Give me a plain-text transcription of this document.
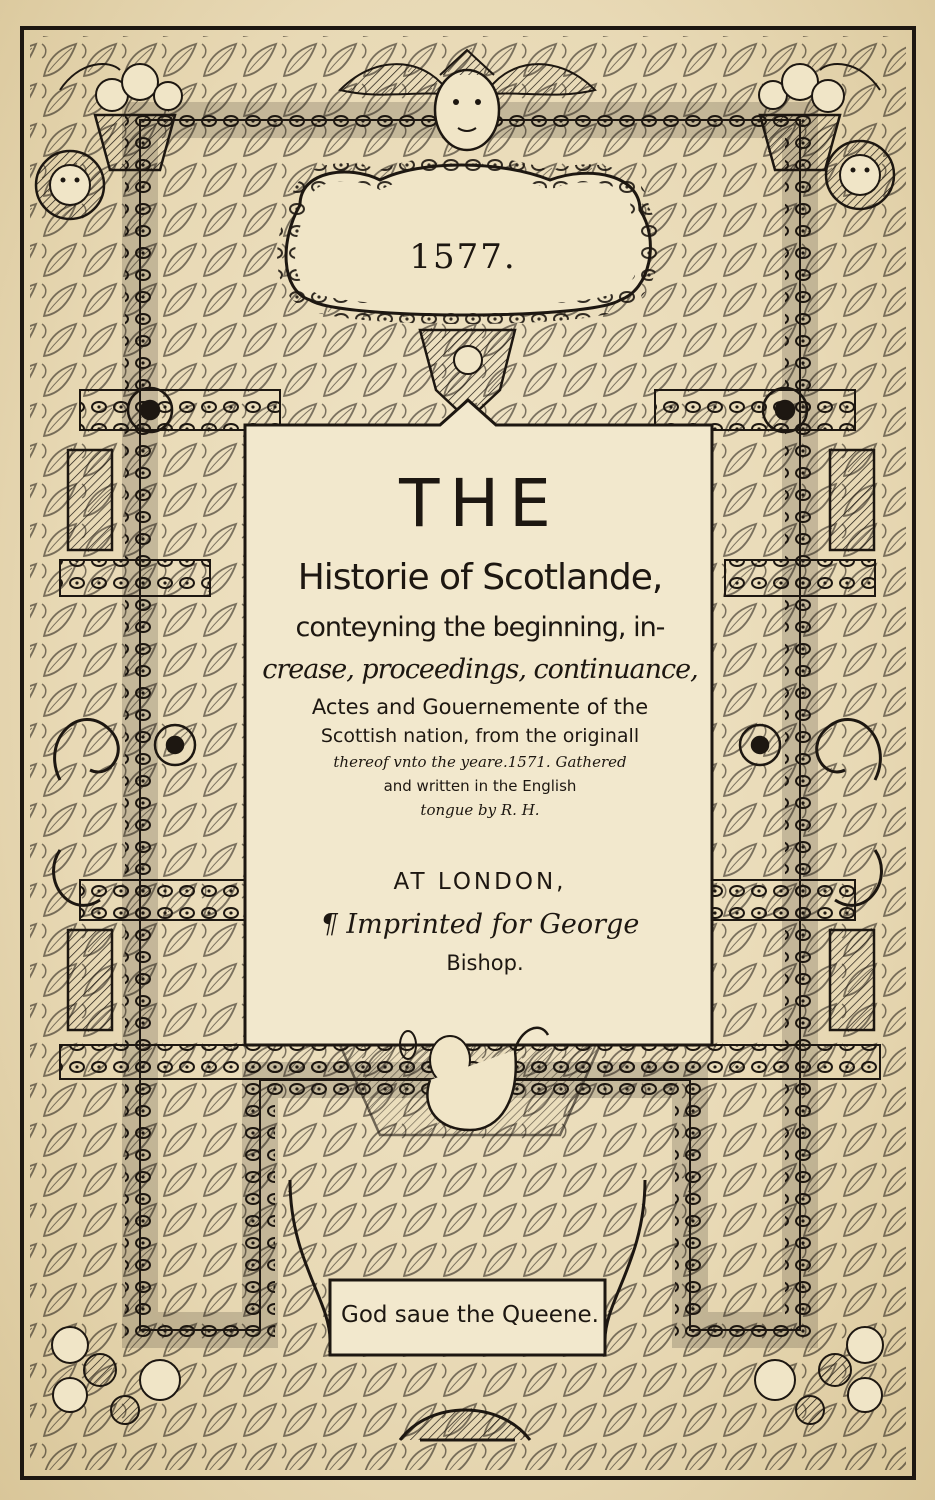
1577.
THE
Historie of Scotlande,
conteyning the beginning, in-
crease, proceedings, continuance,
Actes and Gouernemente of the
Scottish nation, from the originall
thereof vnto the yeare.1571. Gathered
and written in the English
tongue by R. H.
AT LONDON,
¶ Imprinted for George
Bishop.
God saue the Queene.
